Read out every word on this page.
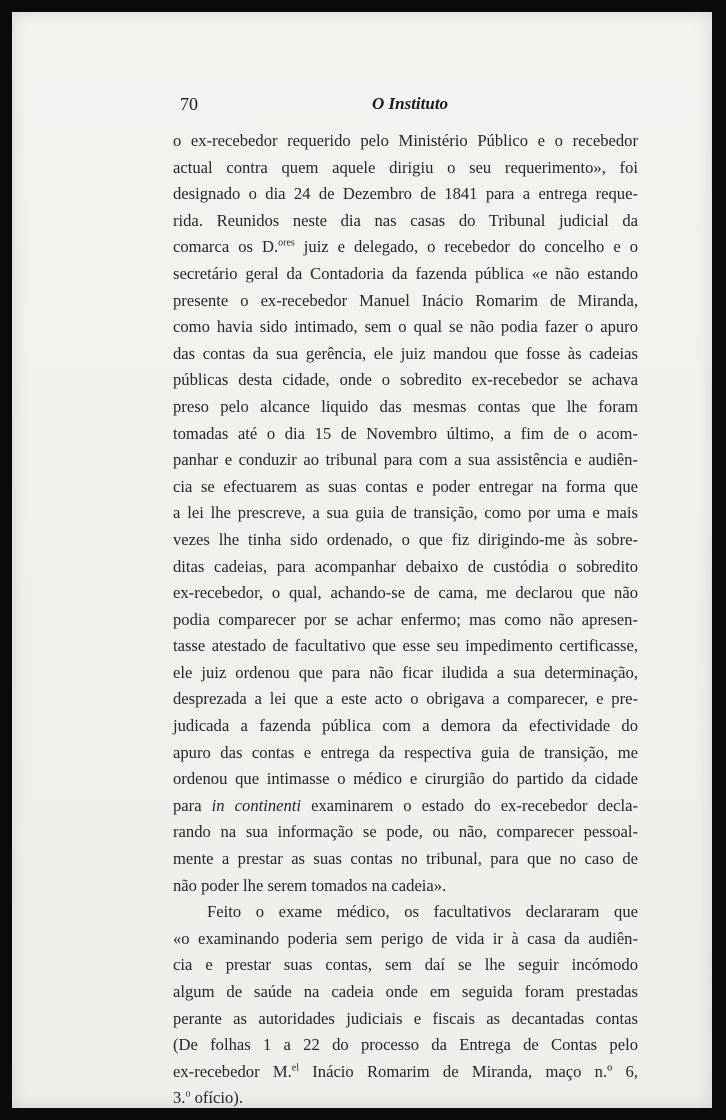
70	O Instituto
o ex-recebedor requerido pelo Ministério Público e o recebedor
actual contra quem aquele dirigiu o seu requerimento», foi
designado o dia 24 de Dezembro de 1841 para a entrega reque-
rida. Reunidos neste dia nas casas do Tribunal judicial da
comarca os D.$^{ores}$ juiz e delegado, o recebedor do concelho e o
secretário geral da Contadoria da fazenda pública «e não estando
presente o ex-recebedor Manuel Inácio Romarim de Miranda,
como havia sido intimado, sem o qual se não podia fazer o apuro
das contas da sua gerência, ele juiz mandou que fosse às cadeias
públicas desta cidade, onde o sobredito ex-recebedor se achava
preso pelo alcance liquido das mesmas contas que lhe foram
tomadas até o dia 15 de Novembro último, a fim de o acom-
panhar e conduzir ao tribunal para com a sua assistência e audiên-
cia se efectuarem as suas contas e poder entregar na forma que
a lei lhe prescreve, a sua guia de transição, como por uma e mais
vezes lhe tinha sido ordenado, o que fiz dirigindo-me às sobre-
ditas cadeias, para acompanhar debaixo de custódia o sobredito
ex-recebedor, o qual, achando-se de cama, me declarou que não
podia comparecer por se achar enfermo; mas como não apresen-
tasse atestado de facultativo que esse seu impedimento certificasse,
ele juiz ordenou que para não ficar iludida a sua determinação,
desprezada a lei que a este acto o obrigava a comparecer, e pre-
judicada a fazenda pública com a demora da efectividade do
apuro das contas e entrega da respectiva guia de transição, me
ordenou que intimasse o médico e cirurgião do partido da cidade
para in continenti examinarem o estado do ex-recebedor decla-
rando na sua informação se pode, ou não, comparecer pessoal-
mente a prestar as suas contas no tribunal, para que no caso de
não poder lhe serem tomados na cadeia».
Feito o exame médico, os facultativos declararam que
«o examinando poderia sem perigo de vida ir à casa da audiên-
cia e prestar suas contas, sem daí se lhe seguir incómodo
algum de saúde na cadeia onde em seguida foram prestadas
perante as autoridades judiciais e fiscais as decantadas contas
(De folhas 1 a 22 do processo da Entrega de Contas pelo
ex-recebedor M.$^{el}$ Inácio Romarim de Miranda, maço n.º 6,
3.$^o$ ofício).
